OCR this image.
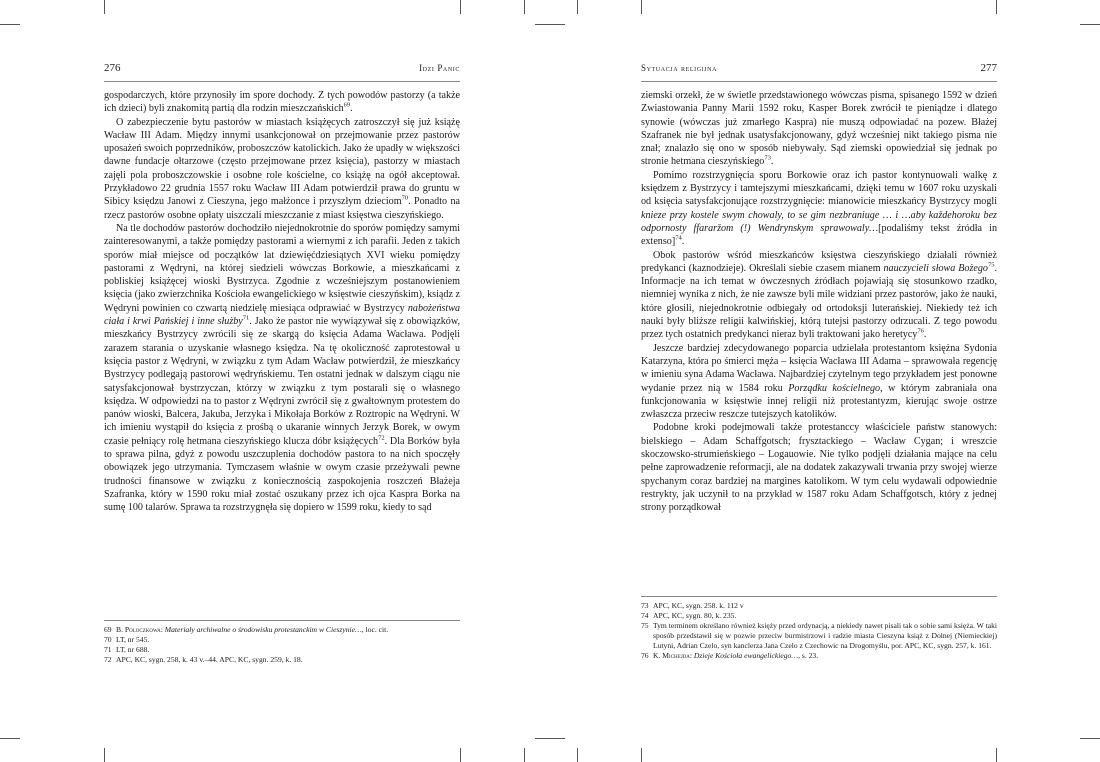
276	Idzi Panic

gospodarczych, które przynosiły im spore dochody. Z tych powodów pastorzy (a także ich dzieci) byli znakomitą partią dla rodzin mieszczańskich$^{69}$.

O zabezpieczenie bytu pastorów w miastach książęcych zatroszczył się już książę Wacław III Adam. Między innymi usankcjonował on przejmowanie przez pastorów uposażeń swoich poprzedników, proboszczów katolickich. Jako że upadły w większości dawne fundacje ołtarzowe (często przejmowane przez księcia), pastorzy w miastach zajęli pola proboszczowskie i osobne role kościelne, co książę na ogół akceptował. Przykładowo 22 grudnia 1557 roku Wacław III Adam potwierdził prawa do gruntu w Sibicy księdzu Janowi z Cieszyna, jego małżonce i przyszłym dzieciom$^{70}$. Ponadto na rzecz pastorów osobne opłaty uiszczali mieszczanie z miast księstwa cieszyńskiego.

Na tle dochodów pastorów dochodziło niejednokrotnie do sporów pomiędzy samymi zainteresowanymi, a także pomiędzy pastorami a wiernymi z ich parafii. Jeden z takich sporów miał miejsce od początków lat dziewięćdziesiątych XVI wieku pomiędzy pastorami z Wędryni, na której siedzieli wówczas Borkowie, a mieszkańcami z pobliskiej książęcej wioski Bystrzyca. Zgodnie z wcześniejszym postanowieniem księcia (jako zwierzchnika Kościoła ewangelickiego w księstwie cieszyńskim), ksiądz z Wędryni powinien co czwartą niedzielę miesiąca odprawiać w Bystrzycy nabożeństwa ciała i krwi Pańskiej i inne służby$^{71}$. Jako że pastor nie wywiązywał się z obowiązków, mieszkańcy Bystrzycy zwrócili się ze skargą do księcia Adama Wacława. Podjęli zarazem starania o uzyskanie własnego księdza. Na tę okoliczność zaprotestował u księcia pastor z Wędryni, w związku z tym Adam Wacław potwierdził, że mieszkańcy Bystrzycy podlegają pastorowi wędryńskiemu. Ten ostatni jednak w dalszym ciągu nie satysfakcjonował bystrzyczan, którzy w związku z tym postarali się o własnego księdza. W odpowiedzi na to pastor z Wędryni zwrócił się z gwałtownym protestem do panów wioski, Balcera, Jakuba, Jerzyka i Mikołaja Borków z Roztropic na Wędryni. W ich imieniu wystąpił do księcia z prośbą o ukaranie winnych Jerzyk Borek, w owym czasie pełniący rolę hetmana cieszyńskiego klucza dóbr książęcych$^{72}$. Dla Borków była to sprawa pilna, gdyż z powodu uszczuplenia dochodów pastora to na nich spoczęły obowiązek jego utrzymania. Tymczasem właśnie w owym czasie przeżywali pewne trudności finansowe w związku z koniecznością zaspokojenia roszczeń Błażeja Szafranka, który w 1590 roku miał zostać oszukany przez ich ojca Kaspra Borka na sumę 100 talarów. Sprawa ta rozstrzygnęła się dopiero w 1599 roku, kiedy to sąd

69 B. Poloczkowa: Materiały archiwalne o środowisku protestanckim w Cieszynie…, loc. cit.
70 LT, nr 545.
71 LT, nr 688.
72 APC, KC, sygn. 258, k. 43 v.–44. APC, KC, sygn. 259, k. 18.
Sytuacja religijna	277

ziemski orzekł, że w świetle przedstawionego wówczas pisma, spisanego 1592 w dzień Zwiastowania Panny Marii 1592 roku, Kasper Borek zwrócił te pieniądze i dlatego synowie (wówczas już zmarłego Kaspra) nie muszą odpowiadać na pozew. Błażej Szafranek nie był jednak usatysfakcjonowany, gdyż wcześniej nikt takiego pisma nie znał; znalazło się ono w sposób niebywały. Sąd ziemski opowiedział się jednak po stronie hetmana cieszyńskiego$^{73}$.

Pomimo rozstrzygnięcia sporu Borkowie oraz ich pastor kontynuowali walkę z księdzem z Bystrzycy i tamtejszymi mieszkańcami, dzięki temu w 1607 roku uzyskali od księcia satysfakcjonujące rozstrzygnięcie: mianowicie mieszkańcy Bystrzycy mogli knieze przy kostele swym chowaly, to se gim nezbraniuge … i …aby každehoroku bez odpornosty ffararžom (!) Wendrynskym sprawowaly…[podaliśmy tekst źródła in extenso]$^{74}$.

Obok pastorów wśród mieszkańców księstwa cieszyńskiego działali również predykanci (kaznodzieje). Określali siebie czasem mianem nauczycieli słowa Bożego$^{75}$. Informacje na ich temat w ówczesnych źródłach pojawiają się stosunkowo rzadko, niemniej wynika z nich, że nie zawsze byli mile widziani przez pastorów, jako że nauki, które głosili, niejednokrotnie odbiegały od ortodoksji luterańskiej. Niekiedy też ich nauki były bliższe religii kalwińskiej, którą tutejsi pastorzy odrzucali. Z tego powodu przez tych ostatnich predykanci nieraz byli traktowani jako heretycy$^{76}$.

Jeszcze bardziej zdecydowanego poparcia udzielała protestantom księżna Sydonia Katarzyna, która po śmierci męża – księcia Wacława III Adama – sprawowała regencję w imieniu syna Adama Wacława. Najbardziej czytelnym tego przykładem jest ponowne wydanie przez nią w 1584 roku Porządku kościelnego, w którym zabraniała ona funkcjonowania w księstwie innej religii niż protestantyzm, kierując swoje ostrze zwłaszcza przeciw reszcze tutejszych katolików.

Podobne kroki podejmowali także protestanccy właściciele państw stanowych: bielskiego – Adam Schaffgotsch; frysztackiego – Wacław Cygan; i wreszcie skoczowsko-strumieńskiego – Logauowie. Nie tylko podjęli działania mające na celu pełne zaprowadzenie reformacji, ale na dodatek zakazywali trwania przy swojej wierze spychanym coraz bardziej na margines katolikom. W tym celu wydawali odpowiednie restrykty, jak uczynił to na przykład w 1587 roku Adam Schaffgotsch, który z jednej strony porządkował

73 APC, KC, sygn. 258. k. 112 v
74 APC, KC, sygn. 80, k. 235.
75 Tym terminem określano również księży przed ordynacją, a niekiedy nawet pisali tak o sobie sami księża. W taki sposób przedstawił się w pozwie przeciw burmistrzowi i radzie miasta Cieszyna książ z Dolnej (Niemieckiej) Lutyni, Adrian Czelo, syn kanclerza Jana Czelo z Czechowic na Drogomyślu, por. APC, KC, sygn. 257, k. 161.
76 K. Michejda: Dzieje Kościoła ewangelickiego…, s. 23.
